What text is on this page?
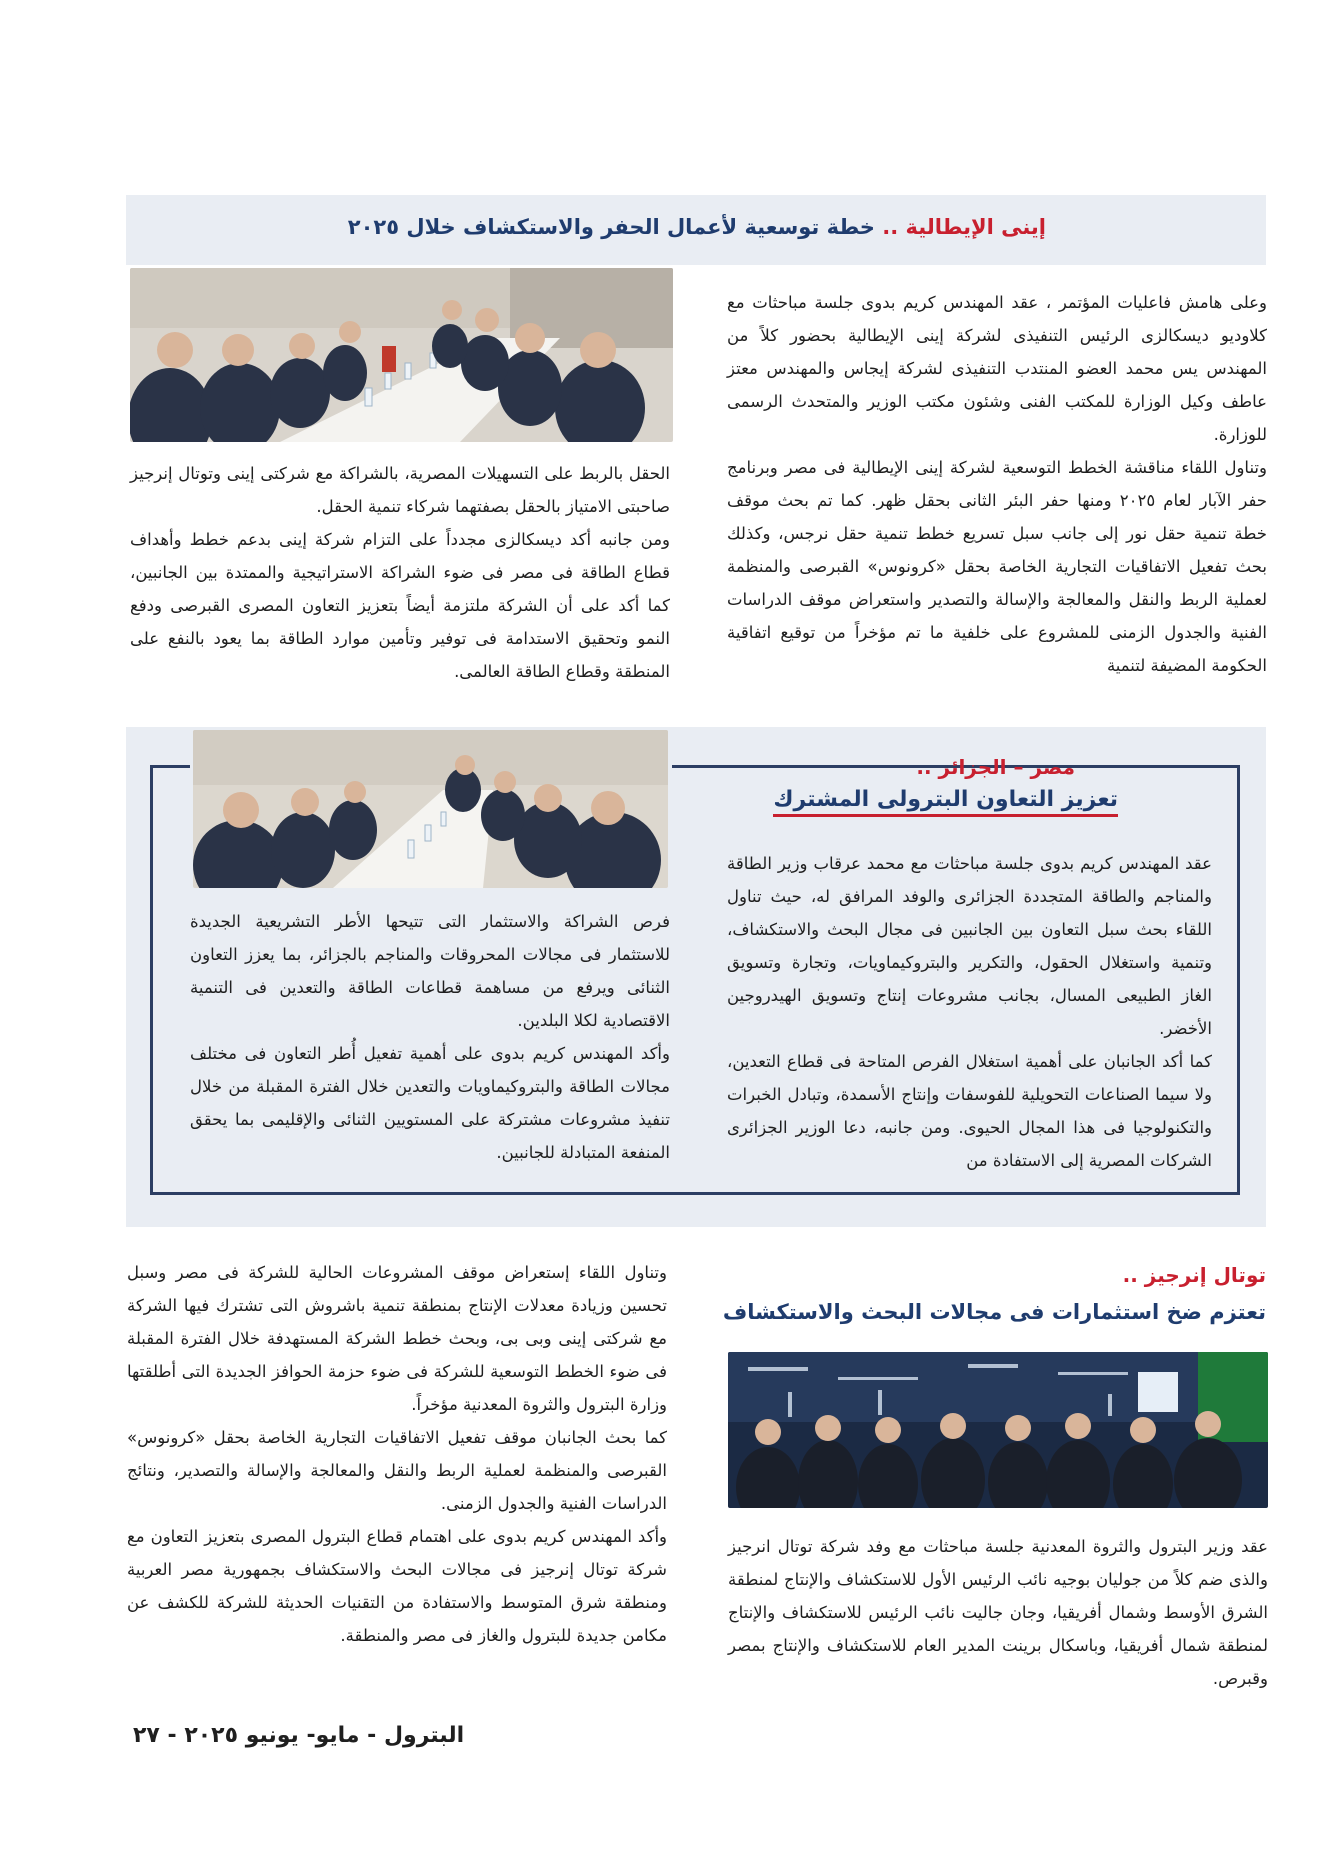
إينى الإيطالية .. خطة توسعية لأعمال الحفر والاستكشاف خلال ٢٠٢٥

وعلى هامش فاعليات المؤتمر ، عقد المهندس كريم بدوى جلسة مباحثات مع كلاوديو ديسكالزى الرئيس التنفيذى لشركة إينى الإيطالية بحضور كلاً من المهندس يس محمد العضو المنتدب التنفيذى لشركة إيجاس والمهندس معتز عاطف وكيل الوزارة للمكتب الفنى وشئون مكتب الوزير والمتحدث الرسمى للوزارة.

وتناول اللقاء مناقشة الخطط التوسعية لشركة إينى الإيطالية فى مصر وبرنامج حفر الآبار لعام ٢٠٢٥ ومنها حفر البئر الثانى بحقل ظهر. كما تم بحث موقف خطة تنمية حقل نور إلى جانب سبل تسريع خطط تنمية حقل نرجس، وكذلك بحث تفعيل الاتفاقيات التجارية الخاصة بحقل «كرونوس» القبرصى والمنظمة لعملية الربط والنقل والمعالجة والإسالة والتصدير واستعراض موقف الدراسات الفنية والجدول الزمنى للمشروع على خلفية ما تم مؤخراً من توقيع اتفاقية الحكومة المضيفة لتنمية

الحقل بالربط على التسهيلات المصرية، بالشراكة مع شركتى إينى وتوتال إنرجيز صاحبتى الامتياز بالحقل بصفتهما شركاء تنمية الحقل.

ومن جانبه أكد ديسكالزى مجدداً على التزام شركة إينى بدعم خطط وأهداف قطاع الطاقة فى مصر فى ضوء الشراكة الاستراتيجية والممتدة بين الجانبين، كما أكد على أن الشركة ملتزمة أيضاً بتعزيز التعاون المصرى القبرصى ودفع النمو وتحقيق الاستدامة فى توفير وتأمين موارد الطاقة بما يعود بالنفع على المنطقة وقطاع الطاقة العالمى.

مصر – الجزائر ..
تعزيز التعاون البترولى المشترك

عقد المهندس كريم بدوى جلسة مباحثات مع محمد عرقاب وزير الطاقة والمناجم والطاقة المتجددة الجزائرى والوفد المرافق له، حيث تناول اللقاء بحث سبل التعاون بين الجانبين فى مجال البحث والاستكشاف، وتنمية واستغلال الحقول، والتكرير والبتروكيماويات، وتجارة وتسويق الغاز الطبيعى المسال، بجانب مشروعات إنتاج وتسويق الهيدروجين الأخضر.

كما أكد الجانبان على أهمية استغلال الفرص المتاحة فى قطاع التعدين، ولا سيما الصناعات التحويلية للفوسفات وإنتاج الأسمدة، وتبادل الخبرات والتكنولوجيا فى هذا المجال الحيوى. ومن جانبه، دعا الوزير الجزائرى الشركات المصرية إلى الاستفادة من

فرص الشراكة والاستثمار التى تتيحها الأطر التشريعية الجديدة للاستثمار فى مجالات المحروقات والمناجم بالجزائر، بما يعزز التعاون الثنائى ويرفع من مساهمة قطاعات الطاقة والتعدين فى التنمية الاقتصادية لكلا البلدين.

وأكد المهندس كريم بدوى على أهمية تفعيل أُطر التعاون فى مختلف مجالات الطاقة والبتروكيماويات والتعدين خلال الفترة المقبلة من خلال تنفيذ مشروعات مشتركة على المستويين الثنائى والإقليمى بما يحقق المنفعة المتبادلة للجانبين.

توتال إنرجيز ..
تعتزم ضخ استثمارات فى مجالات البحث والاستكشاف

عقد وزير البترول والثروة المعدنية جلسة مباحثات مع وفد شركة توتال انرجيز والذى ضم كلاً من جوليان بوجيه نائب الرئيس الأول للاستكشاف والإنتاج لمنطقة الشرق الأوسط وشمال أفريقيا، وجان جاليت نائب الرئيس للاستكشاف والإنتاج لمنطقة شمال أفريقيا، وباسكال برينت المدير العام للاستكشاف والإنتاج بمصر وقبرص.

وتناول اللقاء إستعراض موقف المشروعات الحالية للشركة فى مصر وسبل تحسين وزيادة معدلات الإنتاج بمنطقة تنمية باشروش التى تشترك فيها الشركة مع شركتى إينى وبى بى، وبحث خطط الشركة المستهدفة خلال الفترة المقبلة فى ضوء الخطط التوسعية للشركة فى ضوء حزمة الحوافز الجديدة التى أطلقتها وزارة البترول والثروة المعدنية مؤخراً.

كما بحث الجانبان موقف تفعيل الاتفاقيات التجارية الخاصة بحقل «كرونوس» القبرصى والمنظمة لعملية الربط والنقل والمعالجة والإسالة والتصدير، ونتائج الدراسات الفنية والجدول الزمنى.

وأكد المهندس كريم بدوى على اهتمام قطاع البترول المصرى بتعزيز التعاون مع شركة توتال إنرجيز فى مجالات البحث والاستكشاف بجمهورية مصر العربية ومنطقة شرق المتوسط والاستفادة من التقنيات الحديثة للشركة للكشف عن مكامن جديدة للبترول والغاز فى مصر والمنطقة.

البترول - مايو- يونيو ٢٠٢٥ - ٢٧
